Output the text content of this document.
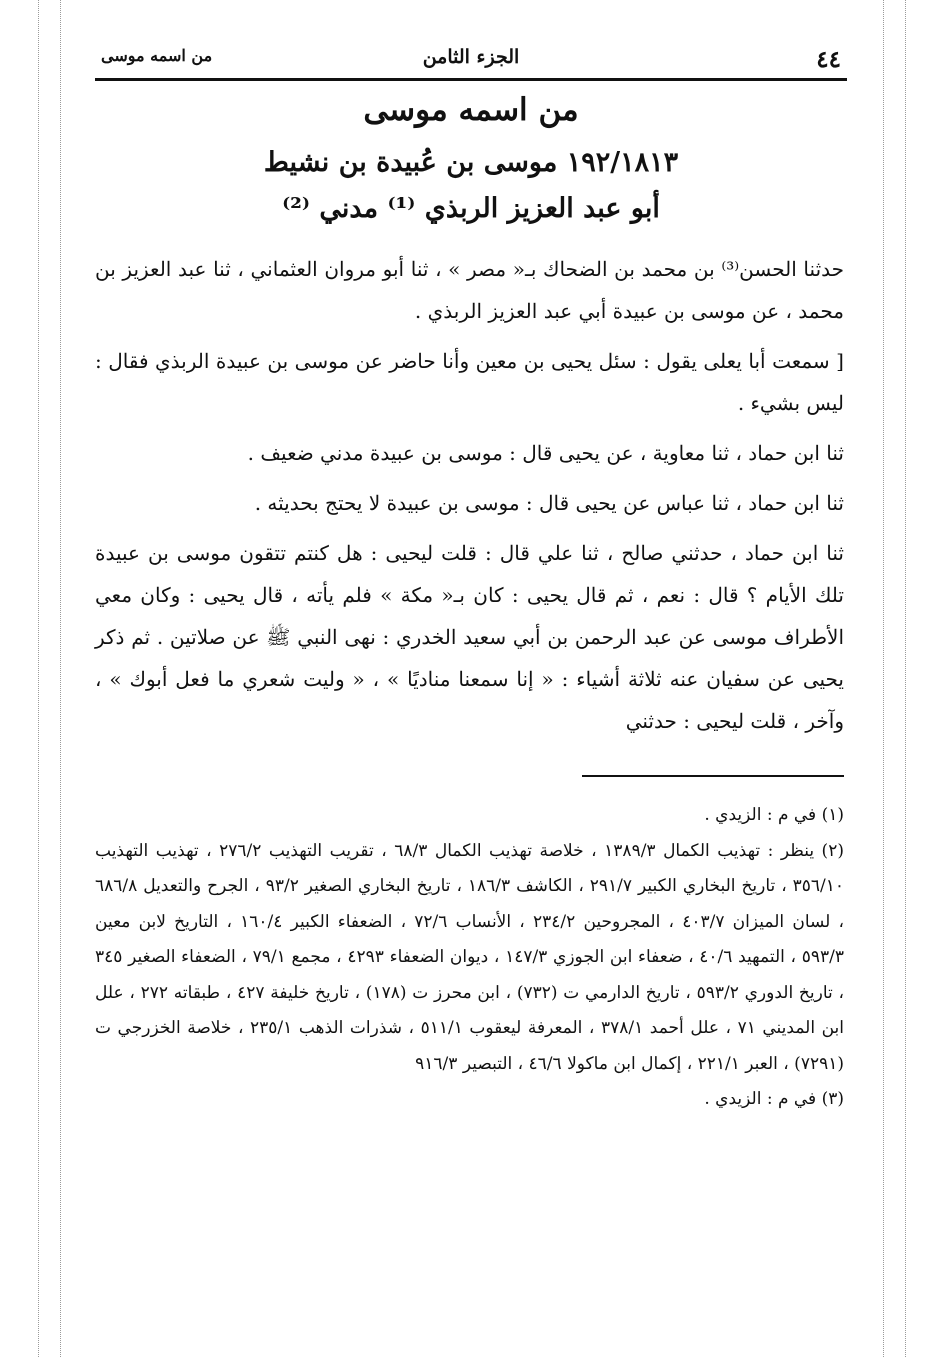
٤٤
الجزء الثامن
من اسمه موسى
من اسمه موسى
١٩٢/١٨١٣ موسى بن عُبيدة بن نشيط
أبو عبد العزيز الربذي ⁽¹⁾ مدني ⁽²⁾

حدثنا الحسن⁽³⁾ بن محمد بن الضحاك بـ« مصر » ، ثنا أبو مروان العثماني ، ثنا عبد العزيز بن محمد ، عن موسى بن عبيدة أبي عبد العزيز الربذي .

[ سمعت أبا يعلى يقول : سئل يحيى بن معين وأنا حاضر عن موسى بن عبيدة الربذي فقال : ليس بشيء .

ثنا ابن حماد ، ثنا معاوية ، عن يحيى قال : موسى بن عبيدة مدني ضعيف .

ثنا ابن حماد ، ثنا عباس عن يحيى قال : موسى بن عبيدة لا يحتج بحديثه .

ثنا ابن حماد ، حدثني صالح ، ثنا علي قال : قلت ليحيى : هل كنتم تتقون موسى بن عبيدة تلك الأيام ؟ قال : نعم ، ثم قال يحيى : كان بـ« مكة » فلم يأته ، قال يحيى : وكان معي الأطراف موسى عن عبد الرحمن بن أبي سعيد الخدري : نهى النبي ﷺ عن صلاتين . ثم ذكر يحيى عن سفيان عنه ثلاثة أشياء : « إنا سمعنا مناديًا » ، « وليت شعري ما فعل أبوك » ، وآخر ، قلت ليحيى : حدثني

(١) في م : الزيدي .

(٢) ينظر : تهذيب الكمال ١٣٨٩/٣ ، خلاصة تهذيب الكمال ٦٨/٣ ، تقريب التهذيب ٢٧٦/٢ ، تهذيب التهذيب ٣٥٦/١٠ ، تاريخ البخاري الكبير ٢٩١/٧ ، الكاشف ١٨٦/٣ ، تاريخ البخاري الصغير ٩٣/٢ ، الجرح والتعديل ٦٨٦/٨ ، لسان الميزان ٤٠٣/٧ ، المجروحين ٢٣٤/٢ ، الأنساب ٧٢/٦ ، الضعفاء الكبير ١٦٠/٤ ، التاريخ لابن معين ٥٩٣/٣ ، التمهيد ٤٠/٦ ، ضعفاء ابن الجوزي ١٤٧/٣ ، ديوان الضعفاء ٤٢٩٣ ، مجمع ٧٩/١ ، الضعفاء الصغير ٣٤٥ ، تاريخ الدوري ٥٩٣/٢ ، تاريخ الدارمي ت (٧٣٢) ، ابن محرز ت (١٧٨) ، تاريخ خليفة ٤٢٧ ، طبقاته ٢٧٢ ، علل ابن المديني ٧١ ، علل أحمد ٣٧٨/١ ، المعرفة ليعقوب ٥١١/١ ، شذرات الذهب ٢٣٥/١ ، خلاصة الخزرجي ت (٧٢٩١) ، العبر ٢٢١/١ ، إكمال ابن ماكولا ٤٦/٦ ، التبصير ٩١٦/٣

(٣) في م : الزيدي .
